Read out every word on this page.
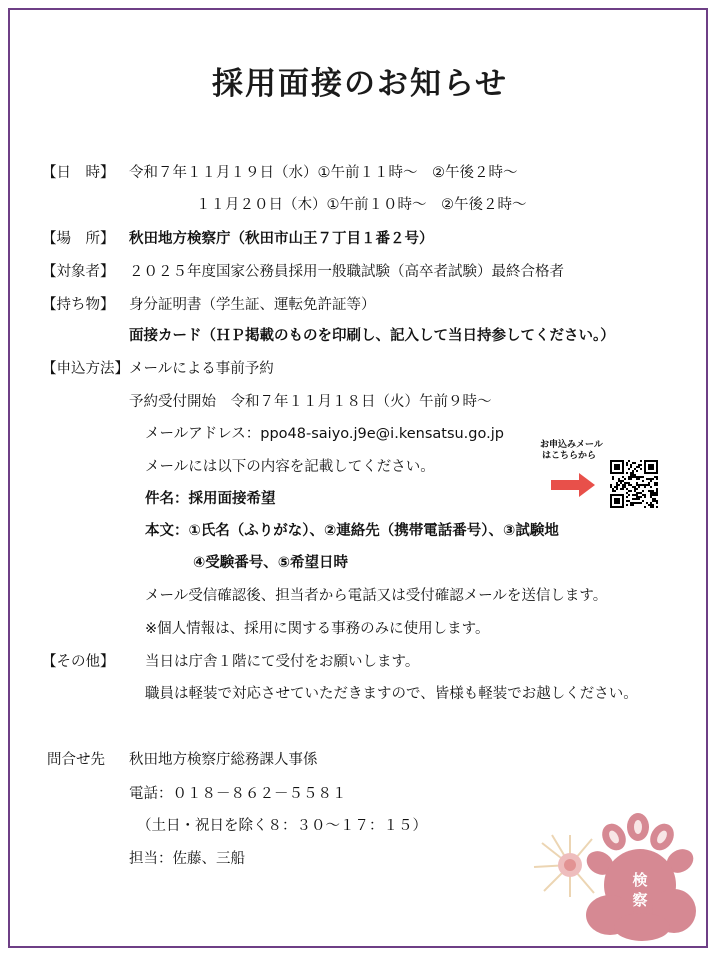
採用面接のお知らせ
【日　時】 令和７年１１月１９日（水）①午前１１時～　②午後２時～
１１月２０日（木）①午前１０時～　②午後２時～
【場　所】 秋田地方検察庁（秋田市山王７丁目１番２号）
【対象者】 ２０２５年度国家公務員採用一般職試験（高卒者試験）最終合格者
【持ち物】 身分証明書（学生証、運転免許証等）
面接カード（ＨＰ掲載のものを印刷し、記入して当日持参してください。）
【申込方法】 メールによる事前予約
予約受付開始　令和７年１１月１８日（火）午前９時～
メールアドレス：ppo48-saiyo.j9e@i.kensatsu.go.jp
メールには以下の内容を記載してください。
件名：採用面接希望
本文：①氏名（ふりがな）、②連絡先（携帯電話番号）、③試験地
④受験番号、⑤希望日時
メール受信確認後、担当者から電話又は受付確認メールを送信します。
※個人情報は、採用に関する事務のみに使用します。
お申込みメール
はこちらから
【その他】 当日は庁舎１階にて受付をお願いします。
職員は軽装で対応させていただきますので、皆様も軽装でお越しください。
問合せ先 秋田地方検察庁総務課人事係
電話：０１８－８６２－５５８１
（土日・祝日を除く８：３０～１７：１５）
担当：佐藤、三船
検
察
